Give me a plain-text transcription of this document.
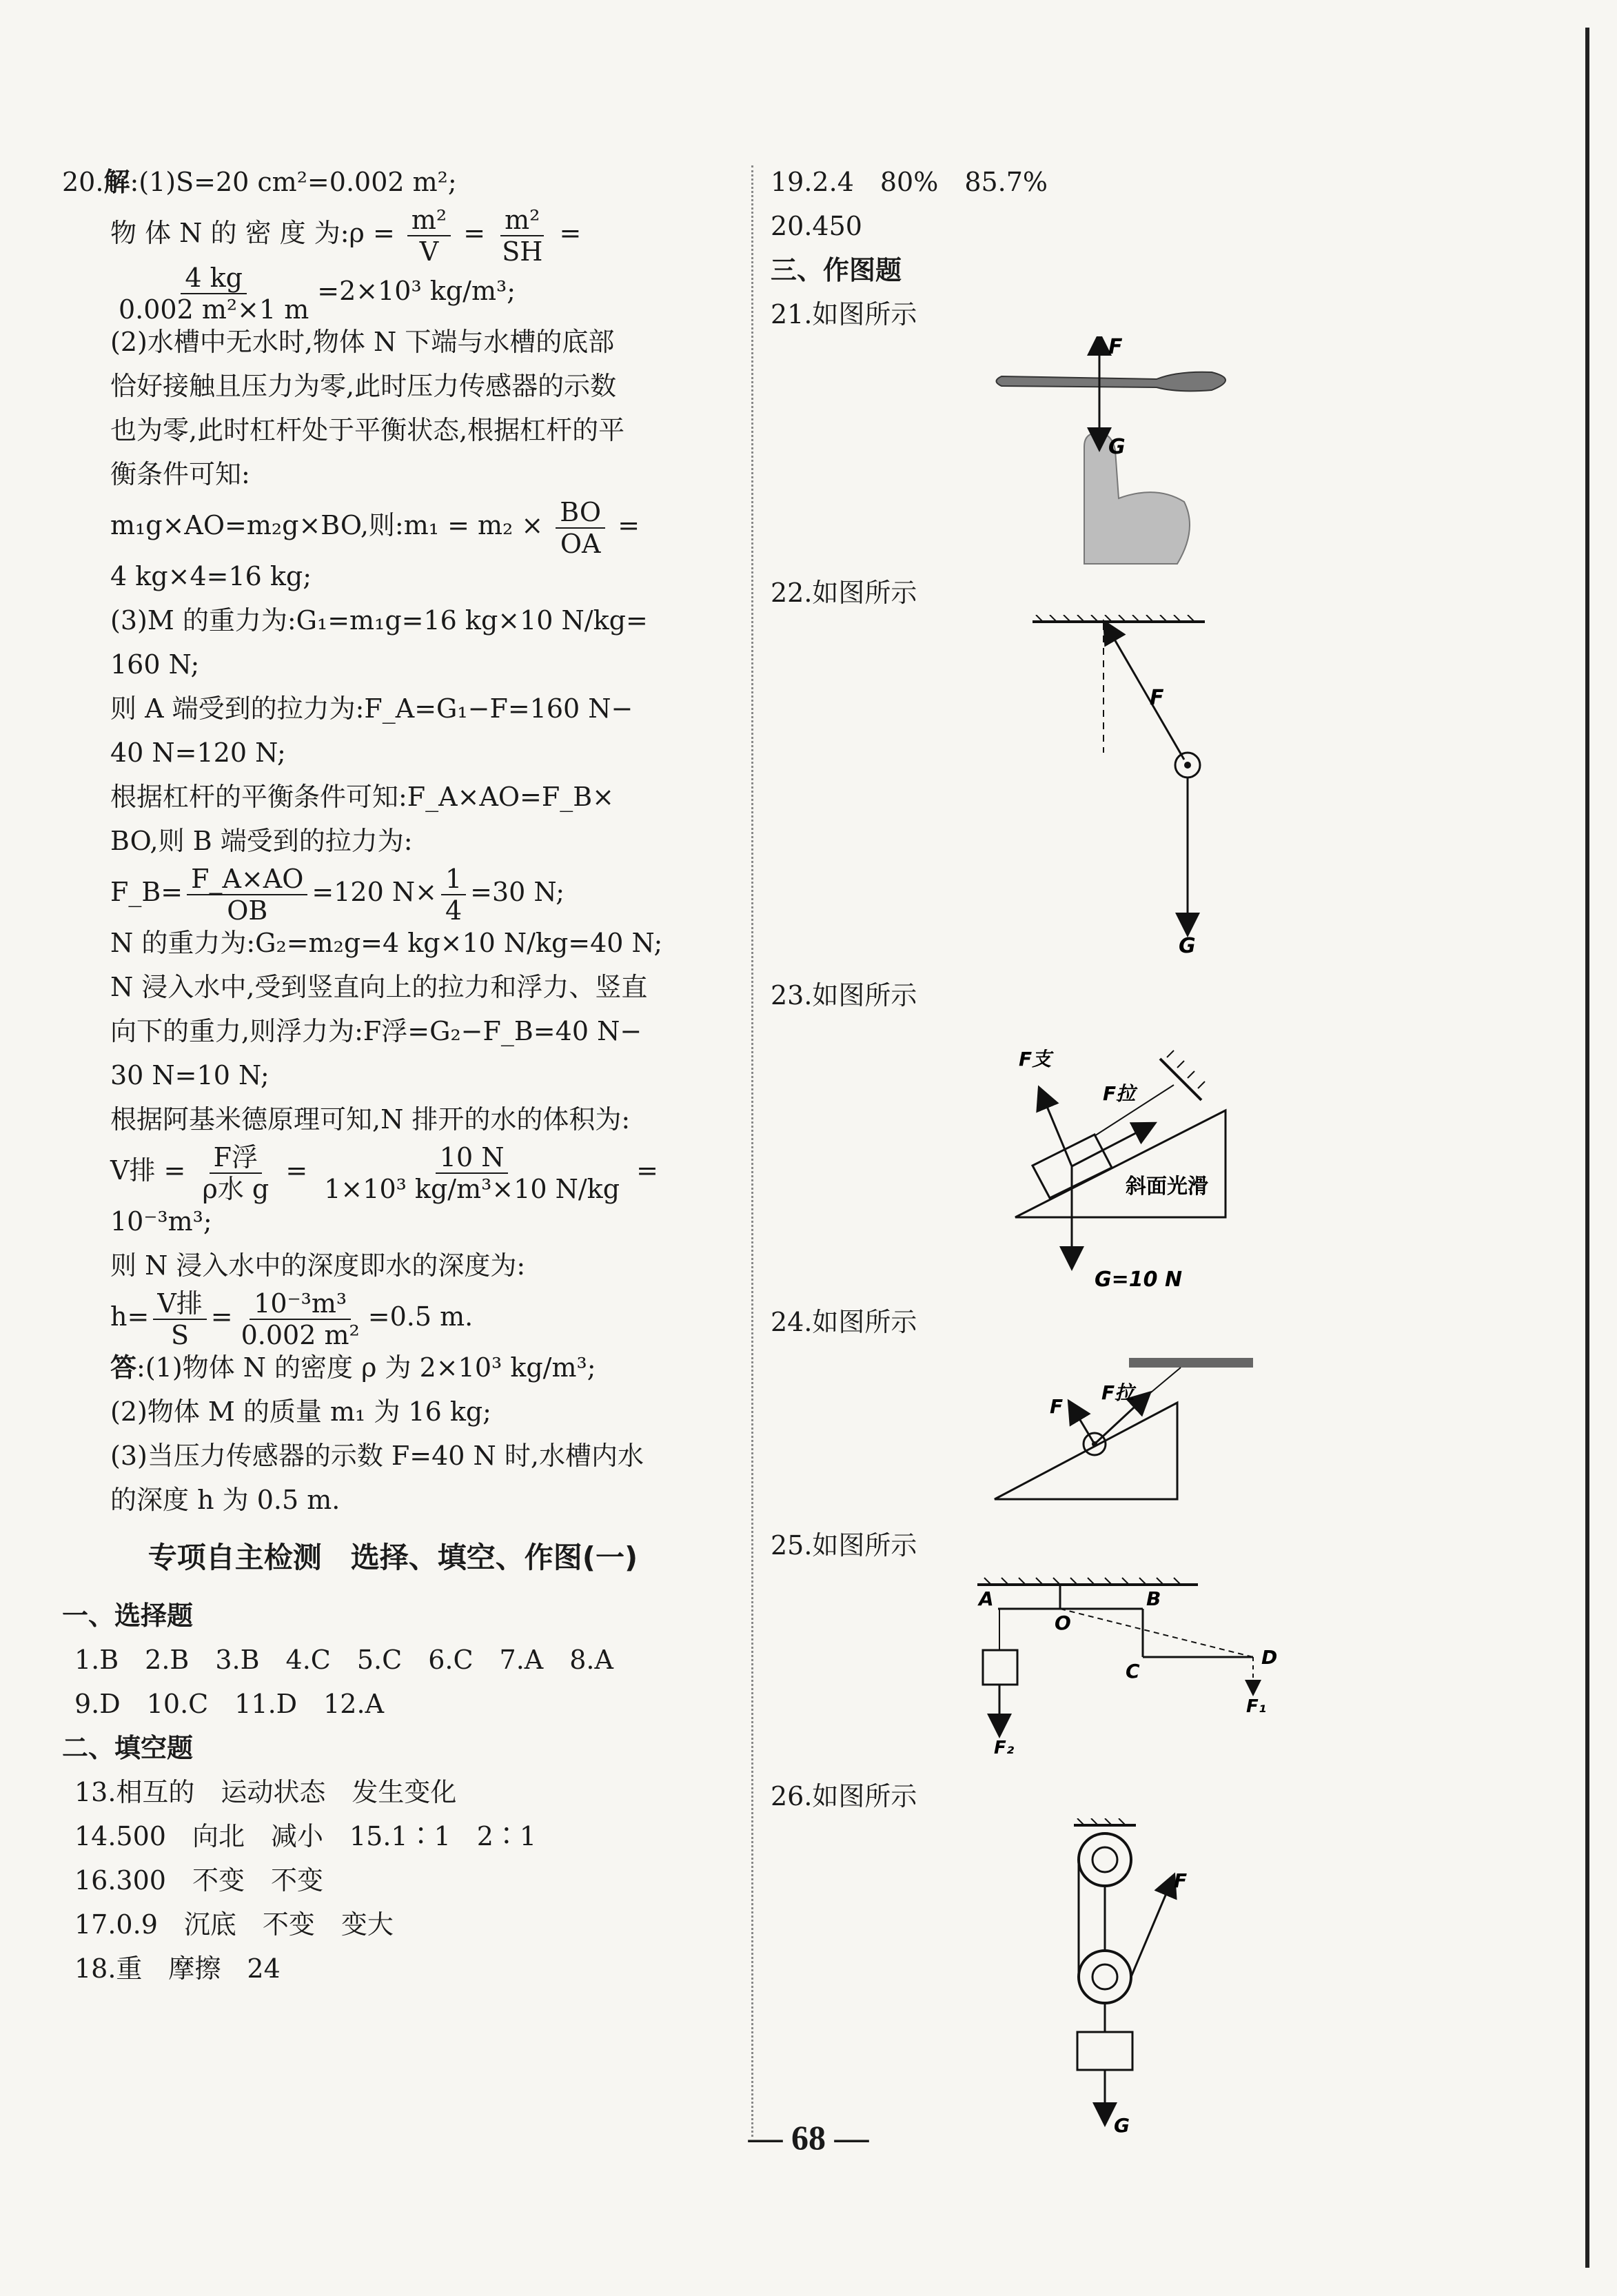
20.解:(1)S=20 cm²=0.002 m²;
物 体 N 的 密 度 为:ρ = $\frac{\text{m²}}{V} = \frac{\text{m²}}{SH}$ =
$\frac{4 kg}{\text{0.002 m²×1 m}} =2\times 10^3$ kg/m³;
(2)水槽中无水时,物体 N 下端与水槽的底部
恰好接触且压力为零,此时压力传感器的示数
也为零,此时杠杆处于平衡状态,根据杠杆的平
衡条件可知:
m₁g×AO=m₂g×BO,则:m₁ = $m_2 \times \frac{BO}{OA}$ =
4 kg×4=16 kg;
(3)M 的重力为:G₁=m₁g=16 kg×10 N/kg=
160 N;
则 A 端受到的拉力为:F_A=G₁−F=160 N−
40 N=120 N;
根据杠杆的平衡条件可知:F_A×AO=F_B×
BO,则 B 端受到的拉力为:
F_B= $\frac{F\_A\times AO}{OB} =120$ $N\times \frac{1}{4} =30$ N;
N 的重力为:G₂=m₂g=4 kg×10 N/kg=40 N;
N 浸入水中,受到竖直向上的拉力和浮力、竖直
向下的重力,则浮力为:F浮=G₂−F_B=40 N−
30 N=10 N;
根据阿基米德原理可知,N 排开的水的体积为:
V排 = $\frac{\text{F浮}}{\text{ρ水 g}} = \frac{10 N}{\text{1×10³ kg/m³×10 N/kg}}$ =
10⁻³m³;
则 N 浸入水中的深度即水的深度为:
$h= \frac{\text{V排}}{S} = \frac{\text{10⁻³m³}}{\text{0.002 m²}} =0.5$ m.
答:(1)物体 N 的密度 ρ 为 2×10³ kg/m³;
(2)物体 M 的质量 m₁ 为 16 kg;
(3)当压力传感器的示数 F=40 N 时,水槽内水
的深度 h 为 0.5 m.
专项自主检测　选择、填空、作图(一)
一、选择题
1.B　2.B　3.B　4.C　5.C　6.C　7.A　8.A
9.D　10.C　11.D　12.A
二、填空题
13.相互的　运动状态　发生变化
14.500　向北　减小　15.1∶1　2∶1
16.300　不变　不变
17.0.9　沉底　不变　变大
18.重　摩擦　24
19.2.4　80%　85.7%
20.450
三、作图题
21.如图所示
F
G
22.如图所示
F
G
23.如图所示
F支
F拉
斜面光滑
G=10 N
24.如图所示
F
F拉
25.如图所示
A
O
B
C
D
F₁
F₂
26.如图所示
F
G
— 68 —
